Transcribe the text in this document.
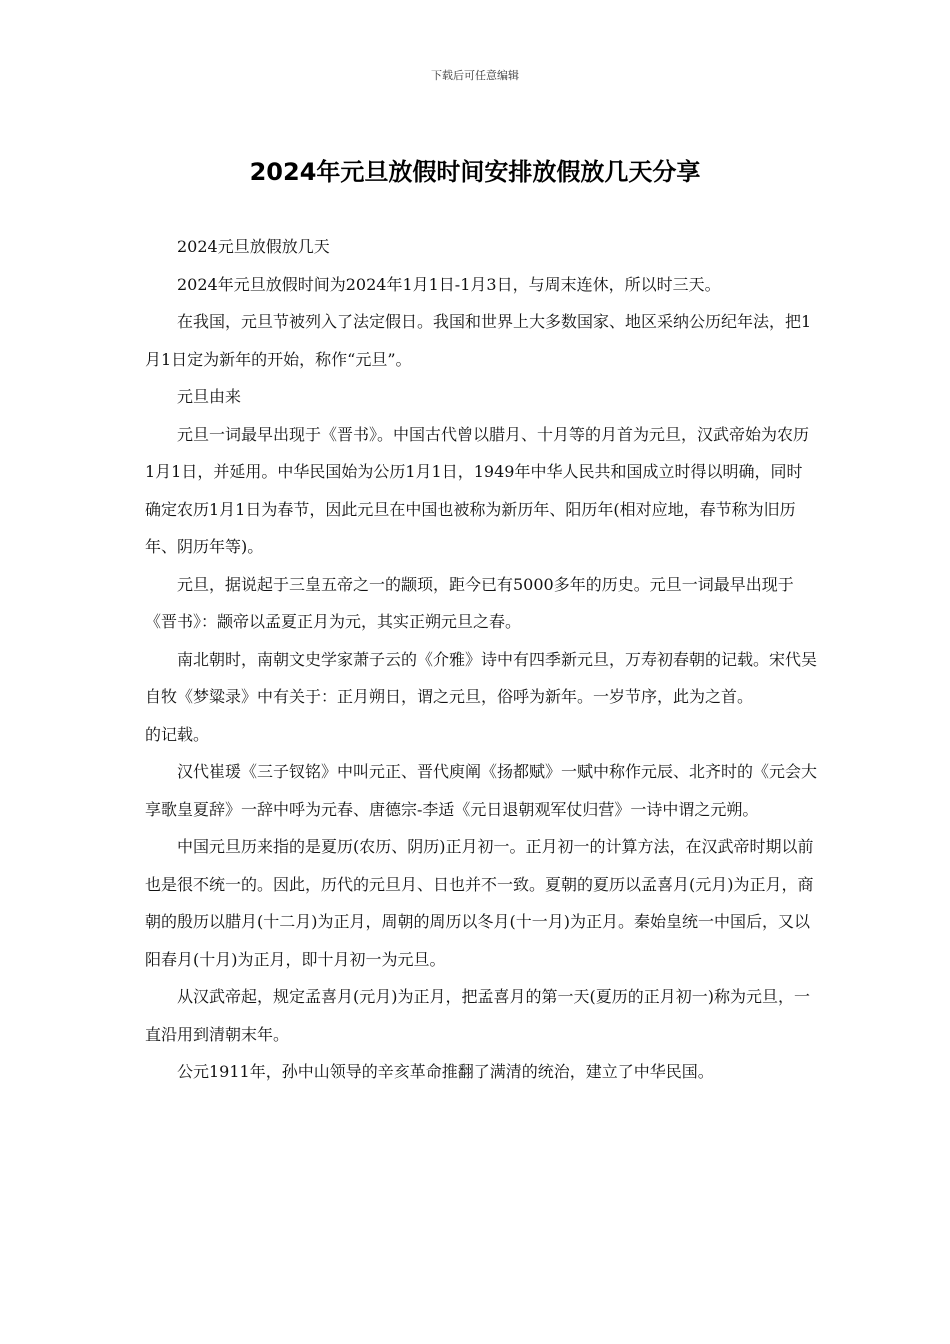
下载后可任意编辑
2024年元旦放假时间安排放假放几天分享

2024元旦放假放几天

2024年元旦放假时间为2024年1月1日-1月3日，与周末连休，所以时三天。

在我国，元旦节被列入了法定假日。我国和世界上大多数国家、地区采纳公历纪年法，把1月1日定为新年的开始，称作“元旦”。

元旦由来

元旦一词最早出现于《晋书》。中国古代曾以腊月、十月等的月首为元旦，汉武帝始为农历1月1日，并延用。中华民国始为公历1月1日，1949年中华人民共和国成立时得以明确，同时确定农历1月1日为春节，因此元旦在中国也被称为新历年、阳历年(相对应地，春节称为旧历年、阴历年等)。

元旦，据说起于三皇五帝之一的颛顼，距今已有5000多年的历史。元旦一词最早出现于《晋书》：颛帝以孟夏正月为元，其实正朔元旦之春。

南北朝时，南朝文史学家萧子云的《介雅》诗中有四季新元旦，万寿初春朝的记载。宋代吴自牧《梦粱录》中有关于：正月朔日，谓之元旦，俗呼为新年。一岁节序，此为之首。

的记载。

汉代崔瑗《三子钗铭》中叫元正、晋代庾阐《扬都赋》一赋中称作元辰、北齐时的《元会大享歌皇夏辞》一辞中呼为元春、唐德宗-李适《元日退朝观军仗归营》一诗中谓之元朔。

中国元旦历来指的是夏历(农历、阴历)正月初一。正月初一的计算方法，在汉武帝时期以前也是很不统一的。因此，历代的元旦月、日也并不一致。夏朝的夏历以孟喜月(元月)为正月，商朝的殷历以腊月(十二月)为正月，周朝的周历以冬月(十一月)为正月。秦始皇统一中国后，又以阳春月(十月)为正月，即十月初一为元旦。

从汉武帝起，规定孟喜月(元月)为正月，把孟喜月的第一天(夏历的正月初一)称为元旦，一直沿用到清朝末年。

公元1911年，孙中山领导的辛亥革命推翻了满清的统治，建立了中华民国。
